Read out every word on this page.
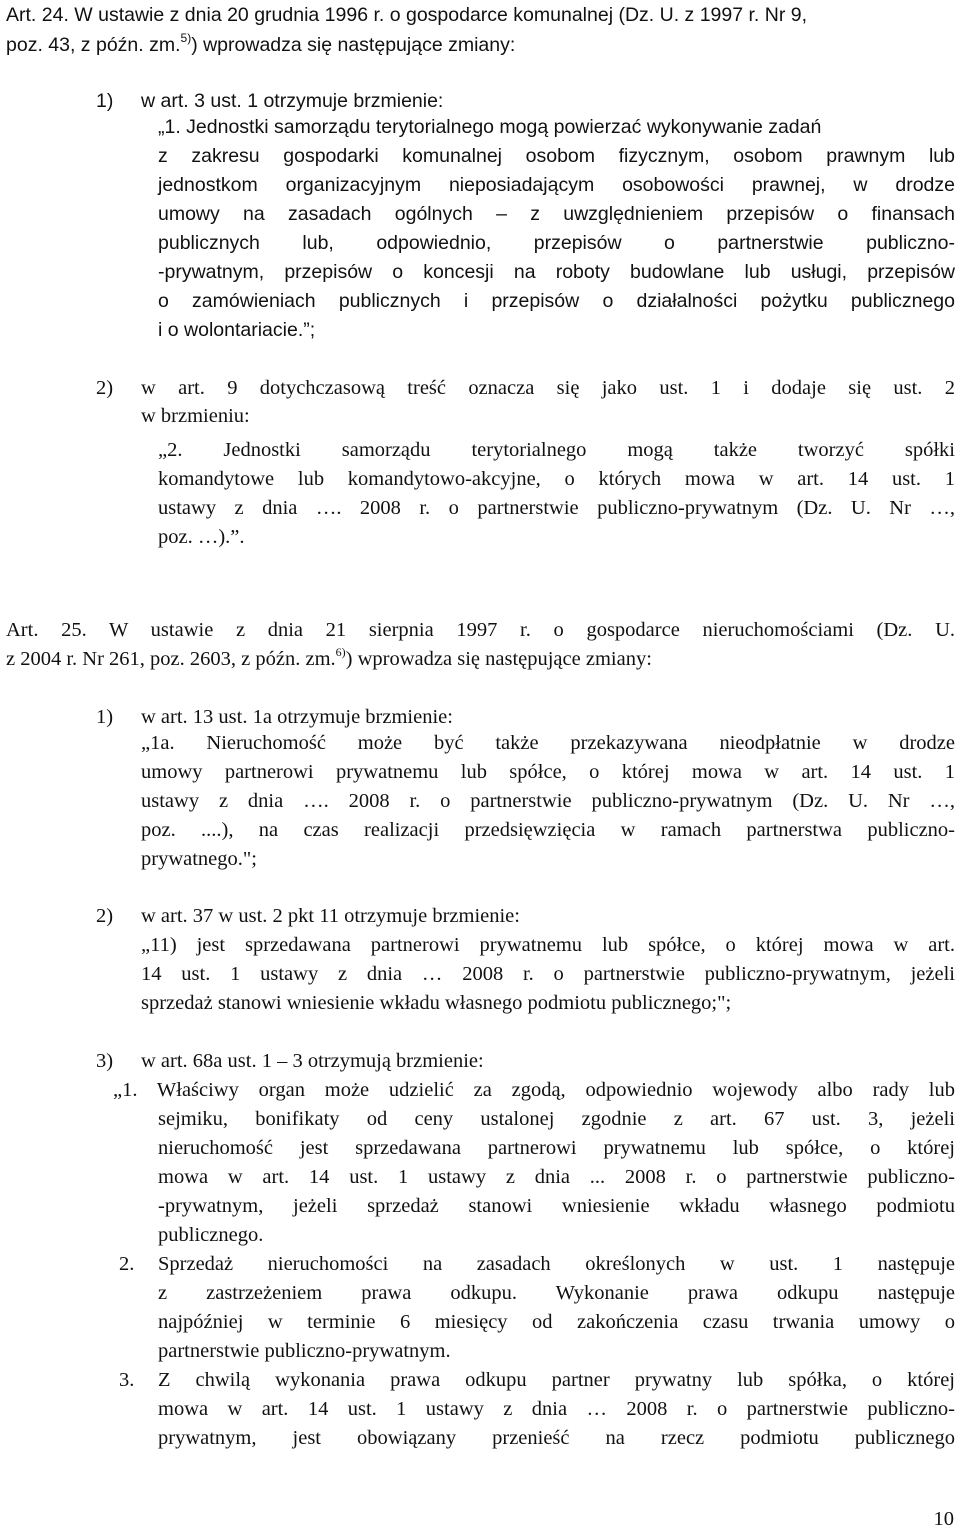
Art. 24. W ustawie z dnia 20 grudnia 1996 r. o gospodarce komunalnej (Dz. U. z 1997 r. Nr 9,
poz. 43, z późn. zm.$^{5)}$) wprowadza się następujące zmiany:
1) w art. 3 ust. 1 otrzymuje brzmienie:
„1. Jednostki samorządu terytorialnego mogą powierzać wykonywanie zadań
z zakresu gospodarki komunalnej osobom fizycznym, osobom prawnym lub
jednostkom organizacyjnym nieposiadającym osobowości prawnej, w drodze
umowy na zasadach ogólnych – z uwzględnieniem przepisów o finansach
publicznych lub, odpowiednio, przepisów o partnerstwie publiczno-
-prywatnym, przepisów o koncesji na roboty budowlane lub usługi, przepisów
o zamówieniach publicznych i przepisów o działalności pożytku publicznego
i o wolontariacie.”;
2) w art. 9 dotychczasową treść oznacza się jako ust. 1 i dodaje się ust. 2
w brzmieniu:
„2. Jednostki samorządu terytorialnego mogą także tworzyć spółki
komandytowe lub komandytowo-akcyjne, o których mowa w art. 14 ust. 1
ustawy z dnia …. 2008 r. o partnerstwie publiczno-prywatnym (Dz. U. Nr …,
poz. …).”.
Art. 25. W ustawie z dnia 21 sierpnia 1997 r. o gospodarce nieruchomościami (Dz. U.
z 2004 r. Nr 261, poz. 2603, z późn. zm.$^{6)}$) wprowadza się następujące zmiany:
1) w art. 13 ust. 1a otrzymuje brzmienie:
„1a. Nieruchomość może być także przekazywana nieodpłatnie w drodze
umowy partnerowi prywatnemu lub spółce, o której mowa w art. 14 ust. 1
ustawy z dnia …. 2008 r. o partnerstwie publiczno-prywatnym (Dz. U. Nr …,
poz. ....), na czas realizacji przedsięwzięcia w ramach partnerstwa publiczno-
prywatnego.";
2) w art. 37 w ust. 2 pkt 11 otrzymuje brzmienie:
„11) jest sprzedawana partnerowi prywatnemu lub spółce, o której mowa w art.
14 ust. 1 ustawy z dnia … 2008 r. o partnerstwie publiczno-prywatnym, jeżeli
sprzedaż stanowi wniesienie wkładu własnego podmiotu publicznego;";
3) w art. 68a ust. 1 – 3 otrzymują brzmienie:
„1. Właściwy organ może udzielić za zgodą, odpowiednio wojewody albo rady lub
sejmiku, bonifikaty od ceny ustalonej zgodnie z art. 67 ust. 3, jeżeli
nieruchomość jest sprzedawana partnerowi prywatnemu lub spółce, o której
mowa w art. 14 ust. 1 ustawy z dnia ... 2008 r. o partnerstwie publiczno-
-prywatnym, jeżeli sprzedaż stanowi wniesienie wkładu własnego podmiotu
publicznego.
2. Sprzedaż nieruchomości na zasadach określonych w ust. 1 następuje
z zastrzeżeniem prawa odkupu. Wykonanie prawa odkupu następuje
najpóźniej w terminie 6 miesięcy od zakończenia czasu trwania umowy o
partnerstwie publiczno-prywatnym.
3. Z chwilą wykonania prawa odkupu partner prywatny lub spółka, o której
mowa w art. 14 ust. 1 ustawy z dnia … 2008 r. o partnerstwie publiczno-
prywatnym, jest obowiązany przenieść na rzecz podmiotu publicznego
10
